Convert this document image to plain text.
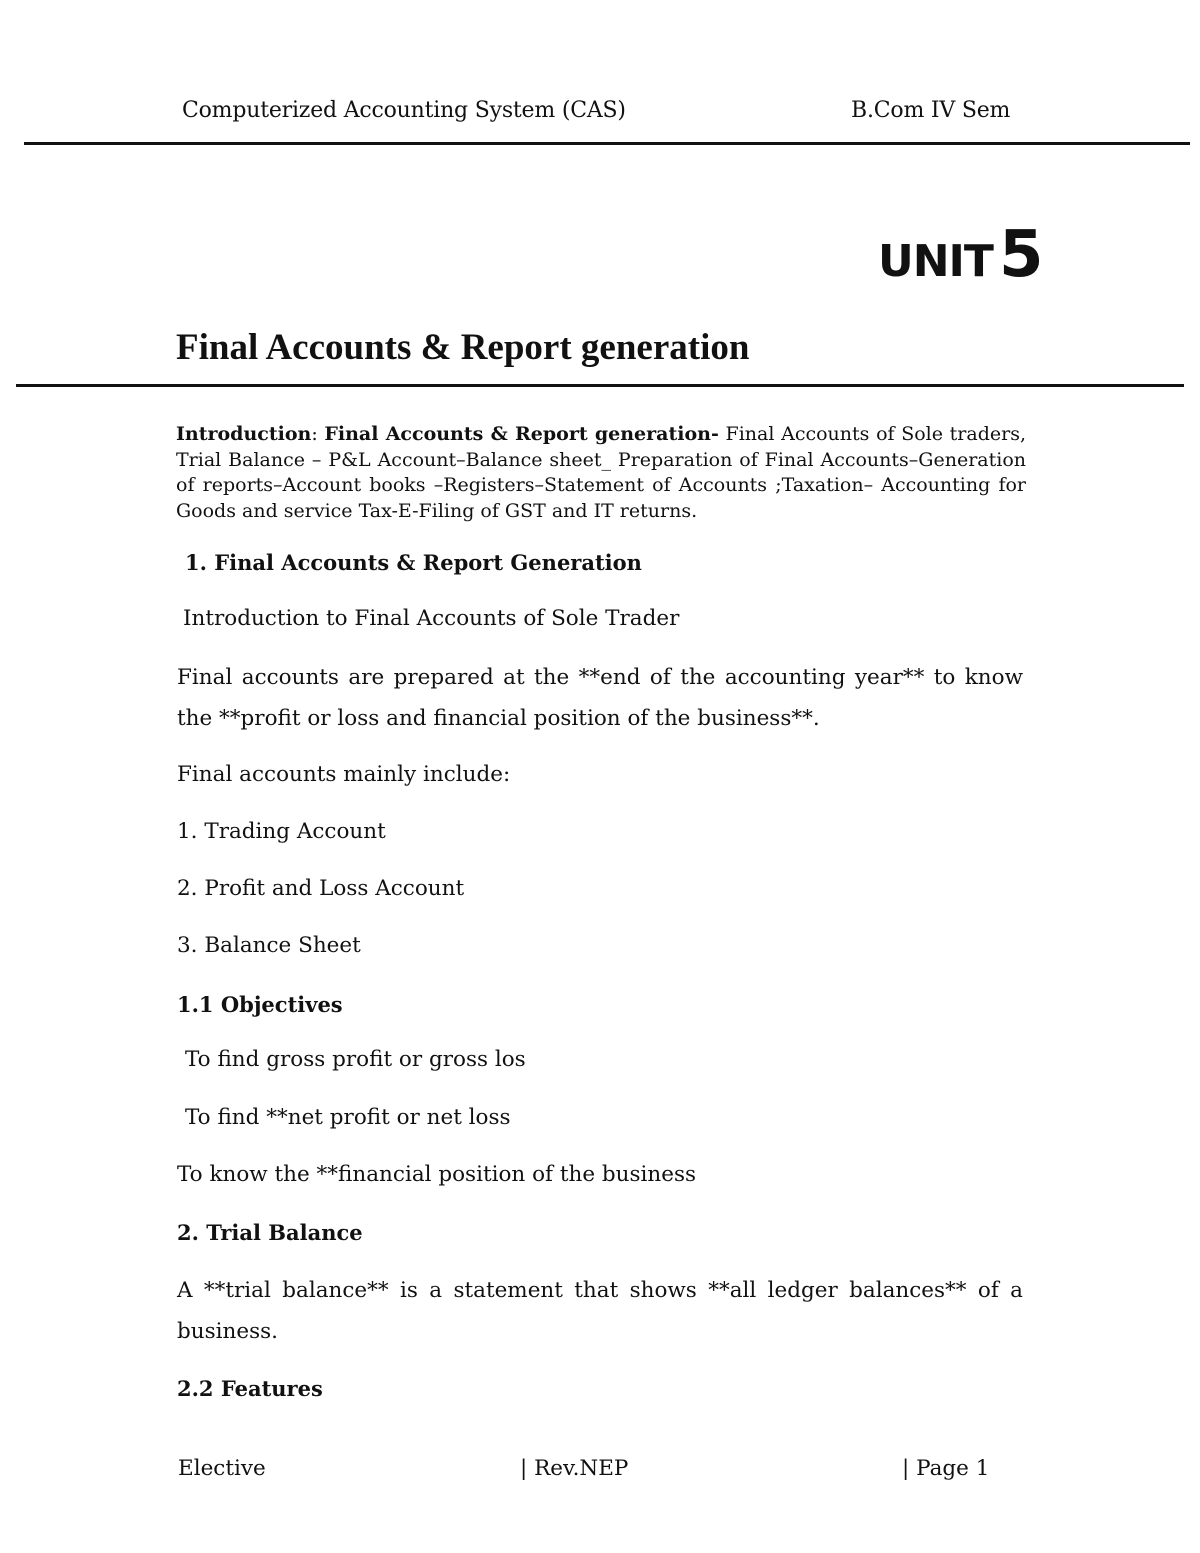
Computerized Accounting System (CAS)	B.Com IV Sem
UNIT5
Final Accounts & Report generation

Introduction: Final Accounts & Report generation- Final Accounts of Sole traders, Trial Balance – P&L Account–Balance sheet_ Preparation of Final Accounts–Generation of reports–Account books –Registers–Statement of Accounts ;Taxation– Accounting for Goods and service Tax-E-Filing of GST and IT returns.

1. Final Accounts & Report Generation
Introduction to Final Accounts of Sole Trader

Final accounts are prepared at the **end of the accounting year** to know the **profit or loss and financial position of the business**.

Final accounts mainly include:
1. Trading Account
2. Profit and Loss Account
3. Balance Sheet
1.1 Objectives
To find gross profit or gross los
To find **net profit or net loss
To know the **financial position of the business
2. Trial Balance

A **trial balance** is a statement that shows **all ledger balances** of a business.

2.2 Features
Elective	| Rev.NEP	| Page 1
